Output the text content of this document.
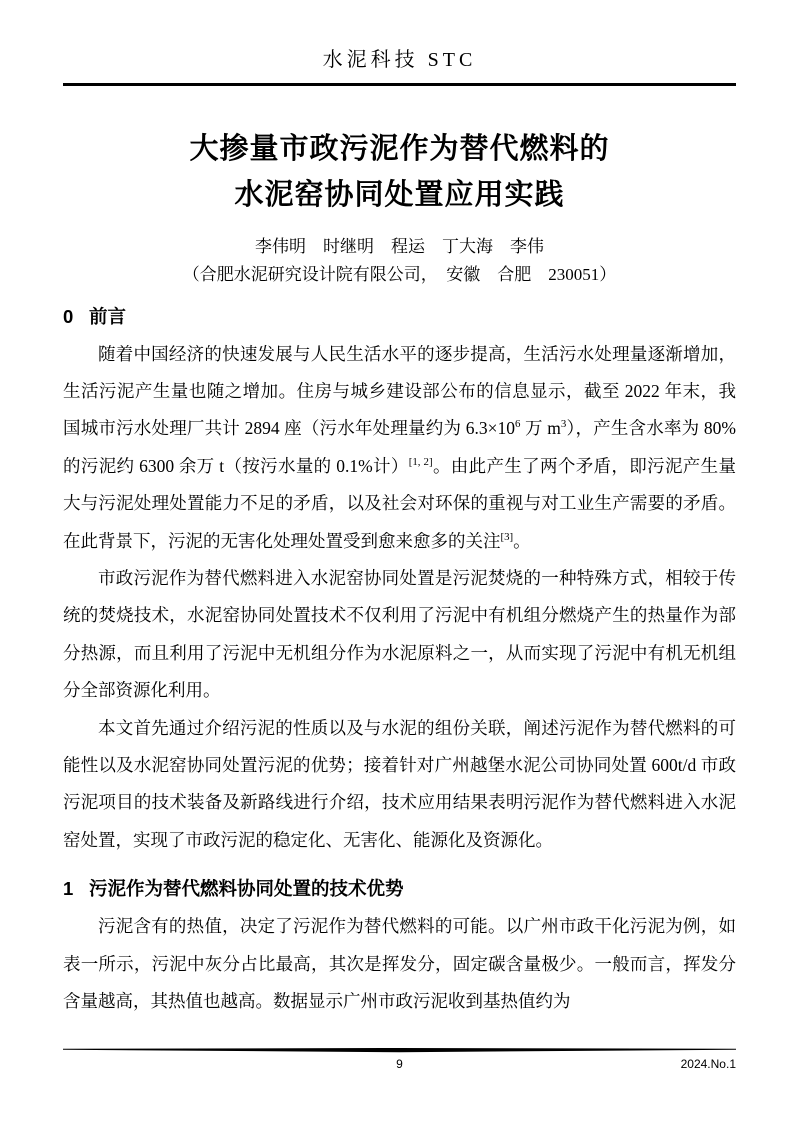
水泥科技 STC
大掺量市政污泥作为替代燃料的
水泥窑协同处置应用实践
李伟明　时继明　程运　丁大海　李伟
（合肥水泥研究设计院有限公司，　安徽　合肥　230051）
0 前言

随着中国经济的快速发展与人民生活水平的逐步提高，生活污水处理量逐渐增加，生活污泥产生量也随之增加。住房与城乡建设部公布的信息显示，截至 2022 年末，我国城市污水处理厂共计 2894 座（污水年处理量约为 $6.3\times 10^6$ 万 $m^3$），产生含水率为 80%的污泥约 6300 余万 t（按污水量的 0.1%计）[1, 2]。由此产生了两个矛盾，即污泥产生量大与污泥处理处置能力不足的矛盾，以及社会对环保的重视与对工业生产需要的矛盾。在此背景下，污泥的无害化处理处置受到愈来愈多的关注[3]。

市政污泥作为替代燃料进入水泥窑协同处置是污泥焚烧的一种特殊方式，相较于传统的焚烧技术，水泥窑协同处置技术不仅利用了污泥中有机组分燃烧产生的热量作为部分热源，而且利用了污泥中无机组分作为水泥原料之一，从而实现了污泥中有机无机组分全部资源化利用。

本文首先通过介绍污泥的性质以及与水泥的组份关联，阐述污泥作为替代燃料的可能性以及水泥窑协同处置污泥的优势；接着针对广州越堡水泥公司协同处置 600t/d 市政污泥项目的技术装备及新路线进行介绍，技术应用结果表明污泥作为替代燃料进入水泥窑处置，实现了市政污泥的稳定化、无害化、能源化及资源化。

1 污泥作为替代燃料协同处置的技术优势

污泥含有的热值，决定了污泥作为替代燃料的可能。以广州市政干化污泥为例，如表一所示，污泥中灰分占比最高，其次是挥发分，固定碳含量极少。一般而言，挥发分含量越高，其热值也越高。数据显示广州市政污泥收到基热值约为

9	2024.No.1
